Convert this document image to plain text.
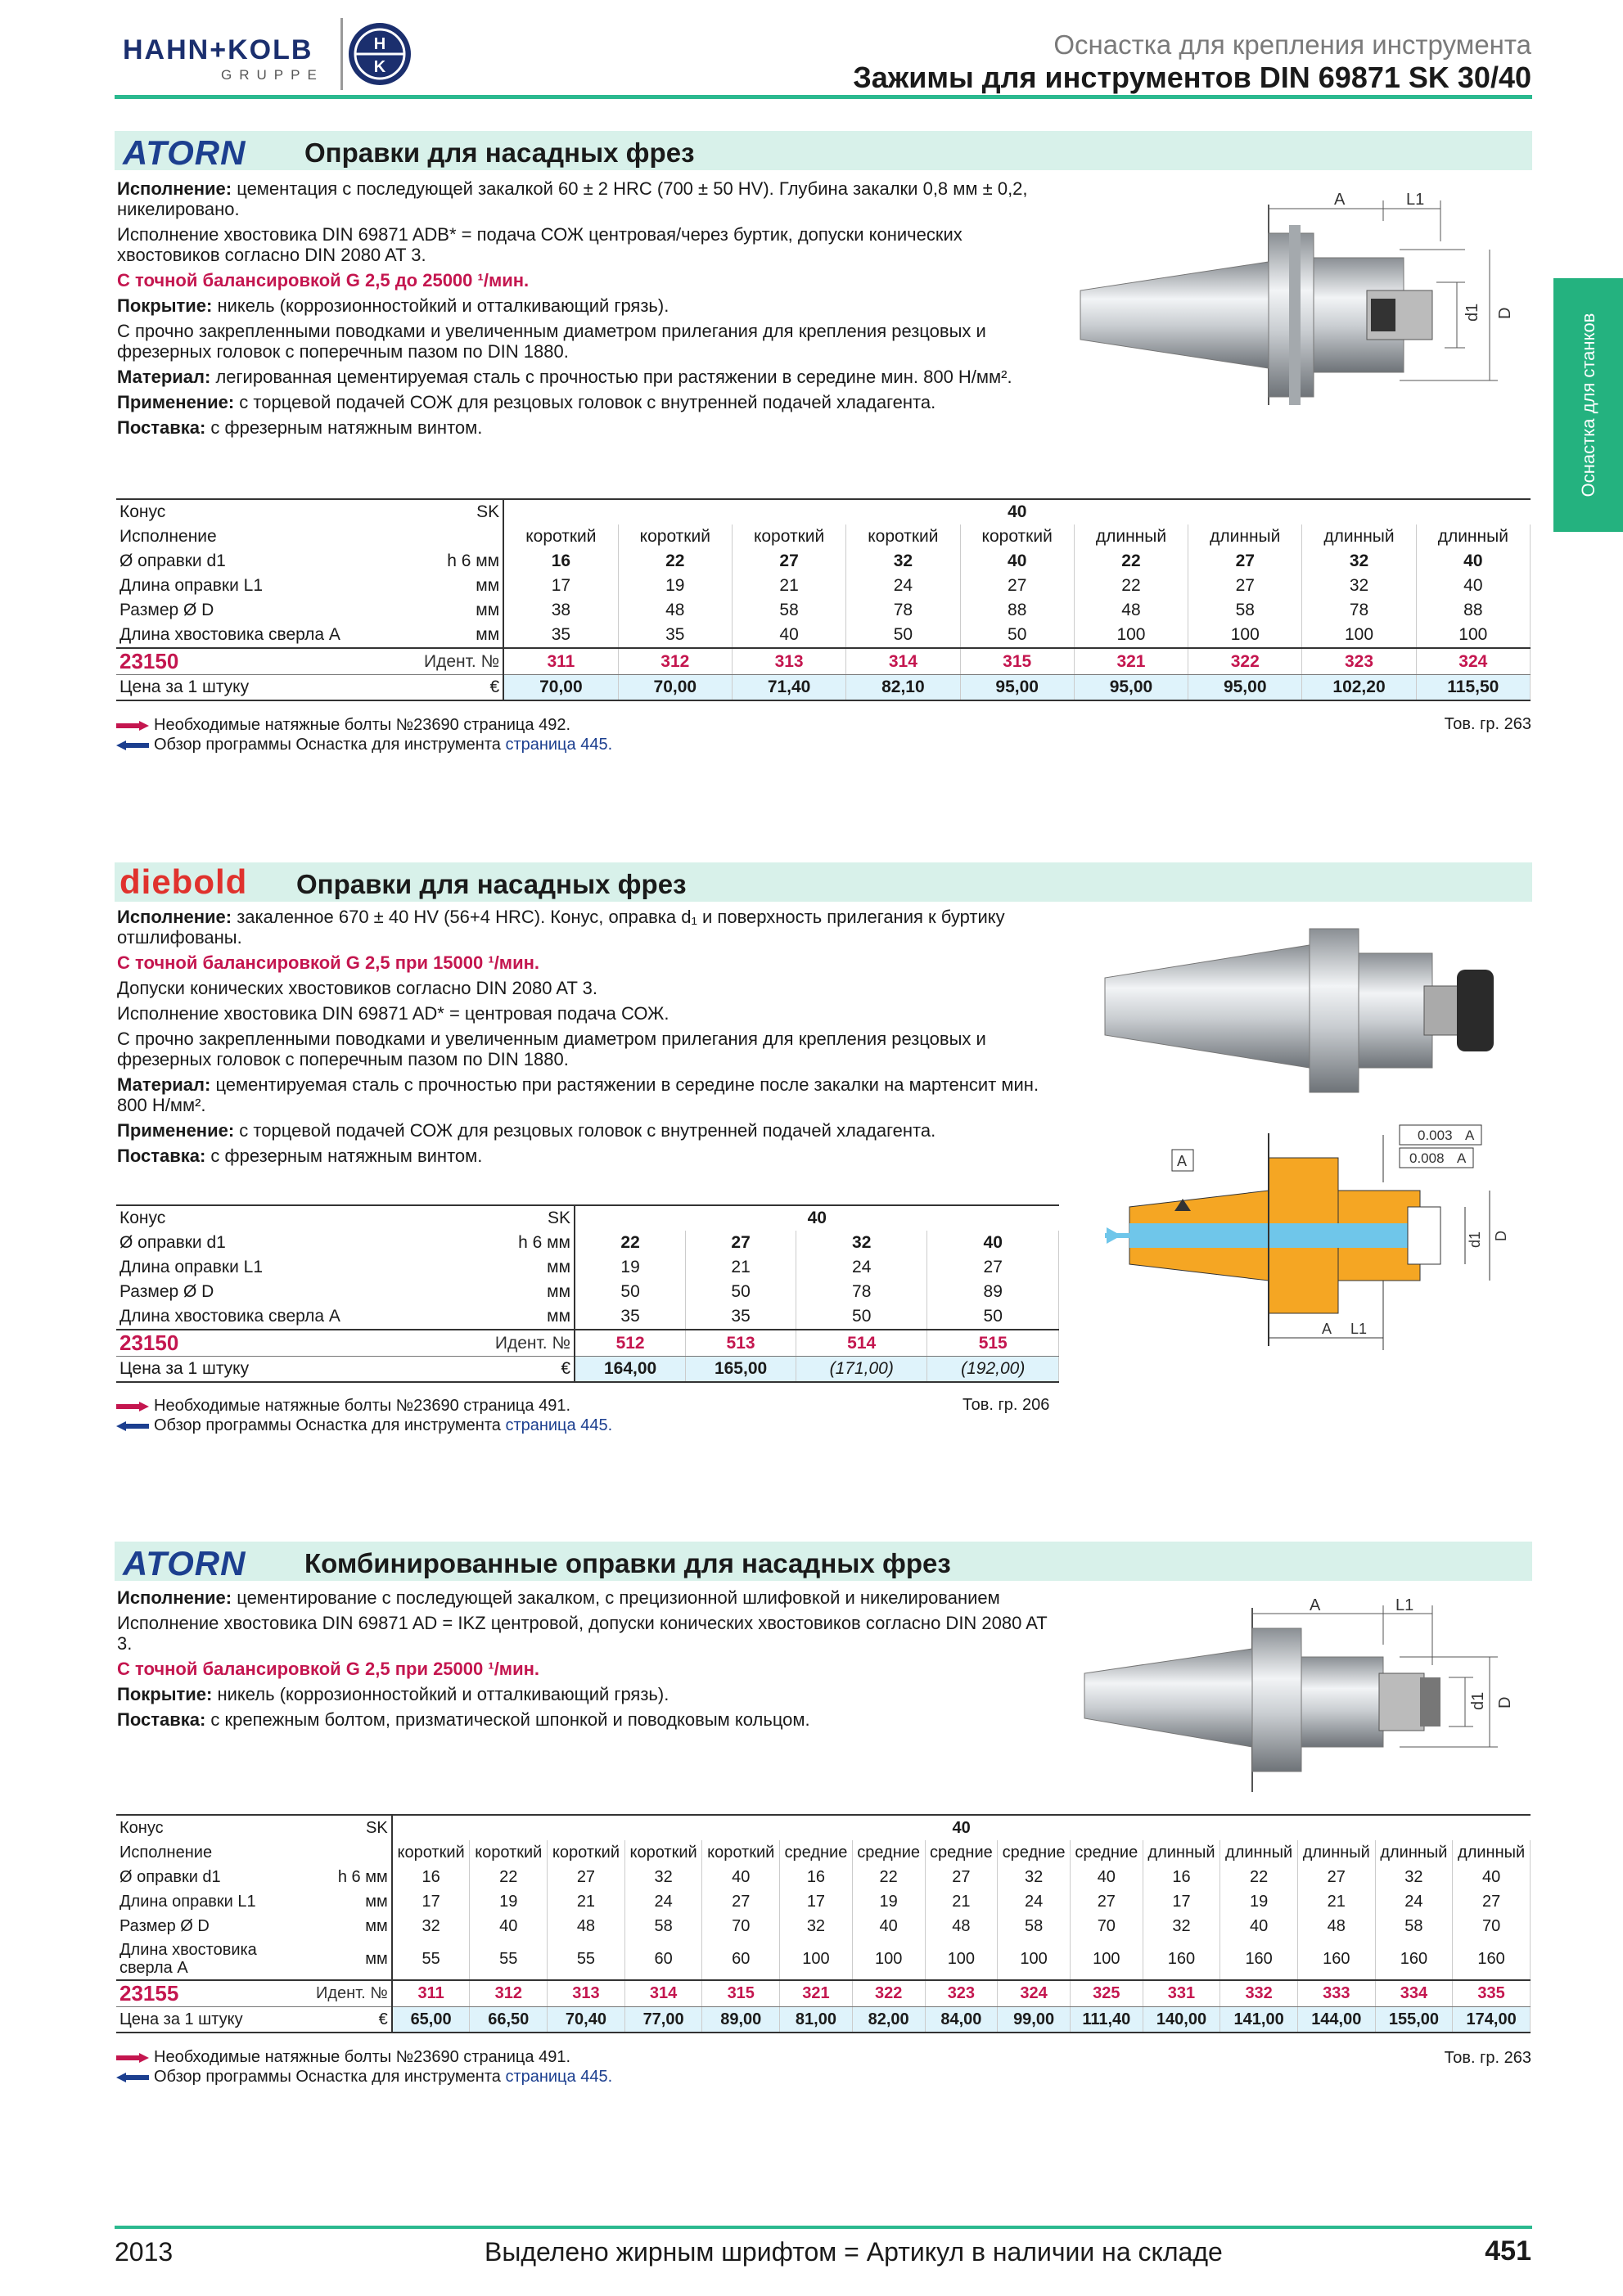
HAHN+KOLB
GRUPPE
H
K
Оснастка для крепления инструмента
Зажимы для инструментов DIN 69871 SK 30/40
Оснастка для станков
ATORN Оправки для насадных фрез

Исполнение: цементация с последующей закалкой 60 ± 2 HRC (700 ± 50 HV). Глубина закалки 0,8 мм ± 0,2, никелировано.

Исполнение хвостовика DIN 69871 ADB* = подача СОЖ центровая/через буртик, допуски конических хвостовиков согласно DIN 2080 AT 3.

С точной балансировкой G 2,5 до 25000 ¹/мин.

Покрытие: никель (коррозионностойкий и отталкивающий грязь).

С прочно закрепленными поводками и увеличенным диаметром прилегания для крепления резцовых и фрезерных головок с поперечным пазом по DIN 1880.

Материал: легированная цементируемая сталь с прочностью при растяжении в середине мин. 800 Н/мм².

Применение: с торцевой подачей СОЖ для резцовых головок с внутренней подачей хладагента.

Поставка: с фрезерным натяжным винтом.

A	L1
d1 D
Конус	SK	40								
Исполнение		короткий	короткий	короткий	короткий	короткий	длинный	длинный	длинный	длинный
Ø оправки d1	h 6 мм	16	22	27	32	40	22	27	32	40
Длина оправки L1	мм	17	19	21	24	27	22	27	32	40
Размер Ø D	мм	38	48	58	78	88	48	58	78	88
Длина хвостовика сверла A	мм	35	35	40	50	50	100	100	100	100
23150	Идент. №	311	312	313	314	315	321	322	323	324
Цена за 1 штуку	€	70,00	70,00	71,40	82,10	95,00	95,00	95,00	102,20	115,50
Необходимые натяжные болты №23690 страница 492.
Обзор программы Оснастка для инструмента страница 445.
Тов. гр. 263
diebold Оправки для насадных фрез

Исполнение: закаленное 670 ± 40 HV (56+4 HRC). Конус, оправка d₁ и поверхность прилегания к буртику отшлифованы.

С точной балансировкой G 2,5 при 15000 ¹/мин.

Допуски конических хвостовиков согласно DIN 2080 AT 3.

Исполнение хвостовика DIN 69871 AD* = центровая подача СОЖ.

С прочно закрепленными поводками и увеличенным диаметром прилегания для крепления резцовых и фрезерных головок с поперечным пазом по DIN 1880.

Материал: цементируемая сталь с прочностью при растяжении в середине после закалки на мартенсит мин. 800 Н/мм².

Применение: с торцевой подачей СОЖ для резцовых головок с внутренней подачей хладагента.

Поставка: с фрезерным натяжным винтом.

A L1
d1 D
A
0.003 A
0.008 A
Конус	SK	40			
Ø оправки d1	h 6 мм	22	27	32	40
Длина оправки L1	мм	19	21	24	27
Размер Ø D	мм	50	50	78	89
Длина хвостовика сверла A	мм	35	35	50	50
23150	Идент. №	512	513	514	515
Цена за 1 штуку	€	164,00	165,00	(171,00)	(192,00)
Необходимые натяжные болты №23690 страница 491.
Обзор программы Оснастка для инструмента страница 445.
Тов. гр. 206
ATORN Комбинированные оправки для насадных фрез

Исполнение: цементирование с последующей закалком, с прецизионной шлифовкой и никелированием

Исполнение хвостовика DIN 69871 AD = IKZ центровой, допуски конических хвостовиков согласно DIN 2080 AT 3.

С точной балансировкой G 2,5 при 25000 ¹/мин.

Покрытие: никель (коррозионностойкий и отталкивающий грязь).

Поставка: с крепежным болтом, призматической шпонкой и поводковым кольцом.

A	L1
d1 D
Конус	SK	40														
Исполнение		короткий	короткий	короткий	короткий	короткий	средние	средние	средние	средние	средние	длинный	длинный	длинный	длинный	длинный
Ø оправки d1	h 6 мм	16	22	27	32	40	16	22	27	32	40	16	22	27	32	40
Длина оправки L1	мм	17	19	21	24	27	17	19	21	24	27	17	19	21	24	27
Размер Ø D	мм	32	40	48	58	70	32	40	48	58	70	32	40	48	58	70
Длина хвостовика сверла A	мм	55	55	55	60	60	100	100	100	100	100	160	160	160	160	160
23155	Идент. №	311	312	313	314	315	321	322	323	324	325	331	332	333	334	335
Цена за 1 штуку	€	65,00	66,50	70,40	77,00	89,00	81,00	82,00	84,00	99,00	111,40	140,00	141,00	144,00	155,00	174,00
Необходимые натяжные болты №23690 страница 491.
Обзор программы Оснастка для инструмента страница 445.
Тов. гр. 263
2013	Выделено жирным шрифтом = Артикул в наличии на складе	451
